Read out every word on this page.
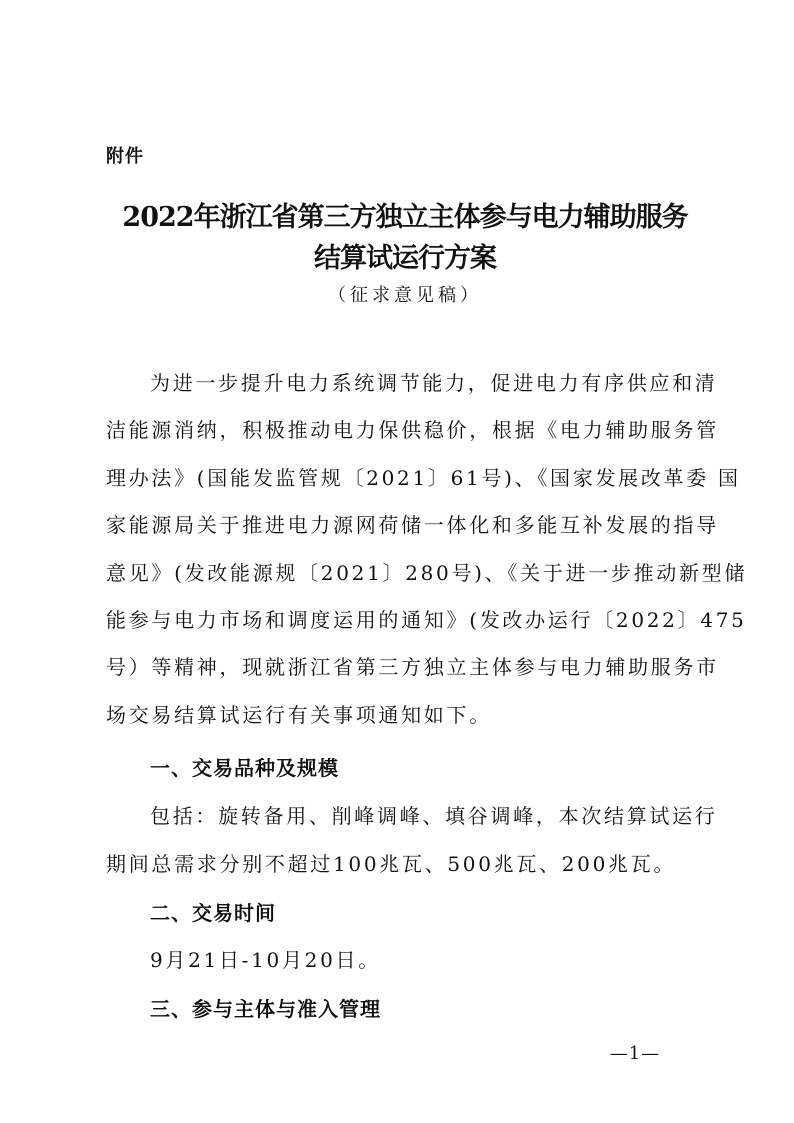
附件
2022年浙江省第三方独立主体参与电力辅助服务
结算试运行方案
（征求意见稿）
为进一步提升电力系统调节能力，促进电力有序供应和清
洁能源消纳，积极推动电力保供稳价，根据《电力辅助服务管
理办法》(国能发监管规〔2021〕61号)、《国家发展改革委 国
家能源局关于推进电力源网荷储一体化和多能互补发展的指导
意见》(发改能源规〔2021〕280号)、《关于进一步推动新型储
能参与电力市场和调度运用的通知》(发改办运行〔2022〕475
号）等精神，现就浙江省第三方独立主体参与电力辅助服务市
场交易结算试运行有关事项通知如下。
一、交易品种及规模
包括：旋转备用、削峰调峰、填谷调峰，本次结算试运行
期间总需求分别不超过100兆瓦、500兆瓦、200兆瓦。
二、交易时间
9月21日-10月20日。
三、参与主体与准入管理
—1—
